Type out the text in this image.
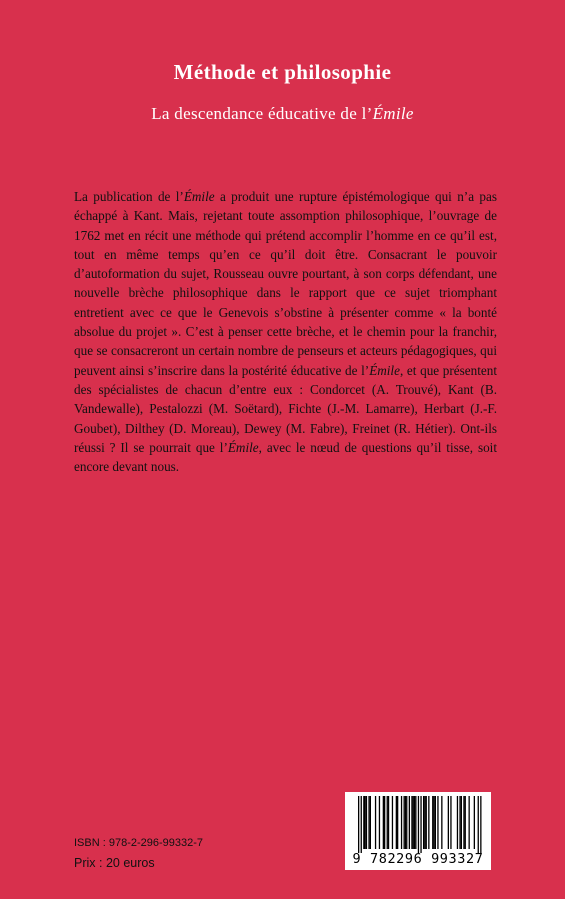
Méthode et philosophie
La descendance éducative de l’Émile

La publication de l’Émile a produit une rupture épistémologique qui n’a pas échappé à Kant. Mais, rejetant toute assomption philosophique, l’ouvrage de 1762 met en récit une méthode qui prétend accomplir l’homme en ce qu’il est, tout en même temps qu’en ce qu’il doit être. Consacrant le pouvoir d’autoformation du sujet, Rousseau ouvre pourtant, à son corps défendant, une nouvelle brèche philosophique dans le rapport que ce sujet triomphant entretient avec ce que le Genevois s’obstine à présenter comme « la bonté absolue du projet ». C’est à penser cette brèche, et le chemin pour la franchir, que se consacreront un certain nombre de penseurs et acteurs pédagogiques, qui peuvent ainsi s’inscrire dans la postérité éducative de l’Émile, et que présentent des spécialistes de chacun d’entre eux : Condorcet (A. Trouvé), Kant (B. Vandewalle), Pestalozzi (M. Soëtard), Fichte (J.-M. Lamarre), Herbart (J.-F. Goubet), Dilthey (D. Moreau), Dewey (M. Fabre), Freinet (R. Hétier). Ont-ils réussi ? Il se pourrait que l’Émile, avec le nœud de questions qu’il tisse, soit encore devant nous.

ISBN : 978-2-296-99332-7
Prix : 20 euros	9 782296 993327
